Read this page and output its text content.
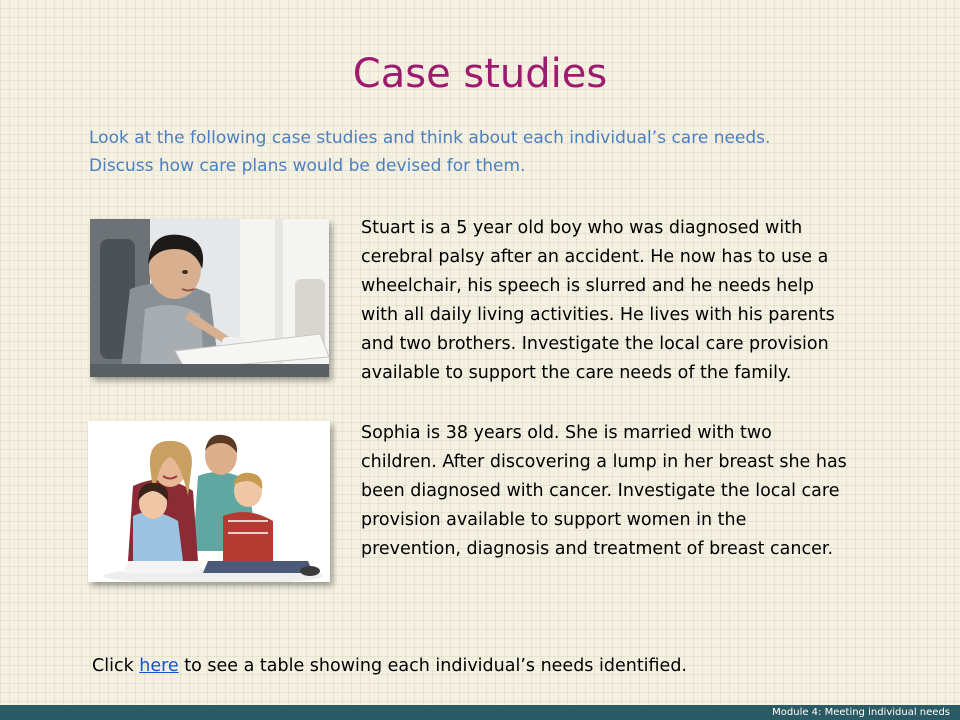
Case studies
Look at the following case studies and think about each individual’s care needs.
Discuss how care plans would be devised for them.
Stuart is a 5 year old boy who was diagnosed with
cerebral palsy after an accident. He now has to use a
wheelchair, his speech is slurred and he needs help
with all daily living activities. He lives with his parents
and two brothers. Investigate the local care provision
available to support the care needs of the family.
Sophia is 38 years old. She is married with two
children. After discovering a lump in her breast she has
been diagnosed with cancer. Investigate the local care
provision available to support women in the
prevention, diagnosis and treatment of breast cancer.
Click here to see a table showing each individual’s needs identified.
Module 4: Meeting individual needs
